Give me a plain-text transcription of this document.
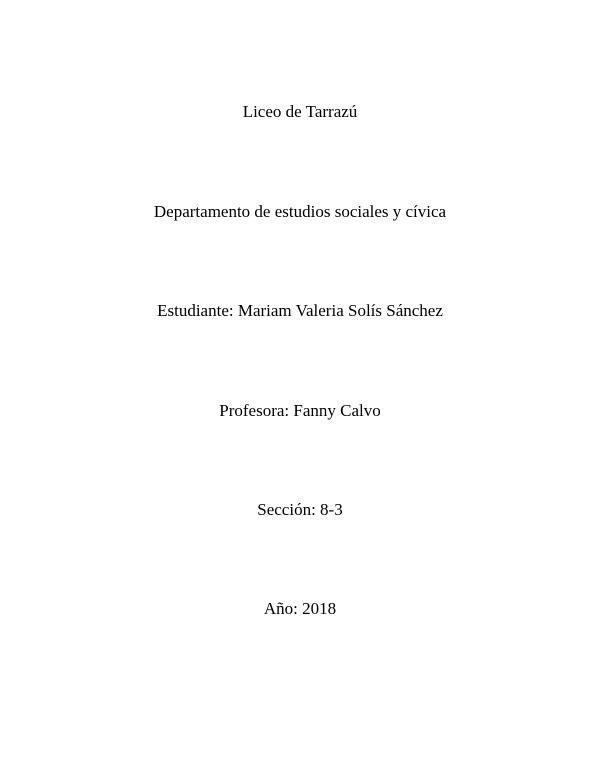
Liceo de Tarrazú
Departamento de estudios sociales y cívica
Estudiante: Mariam Valeria Solís Sánchez
Profesora: Fanny Calvo
Sección: 8-3
Año: 2018
